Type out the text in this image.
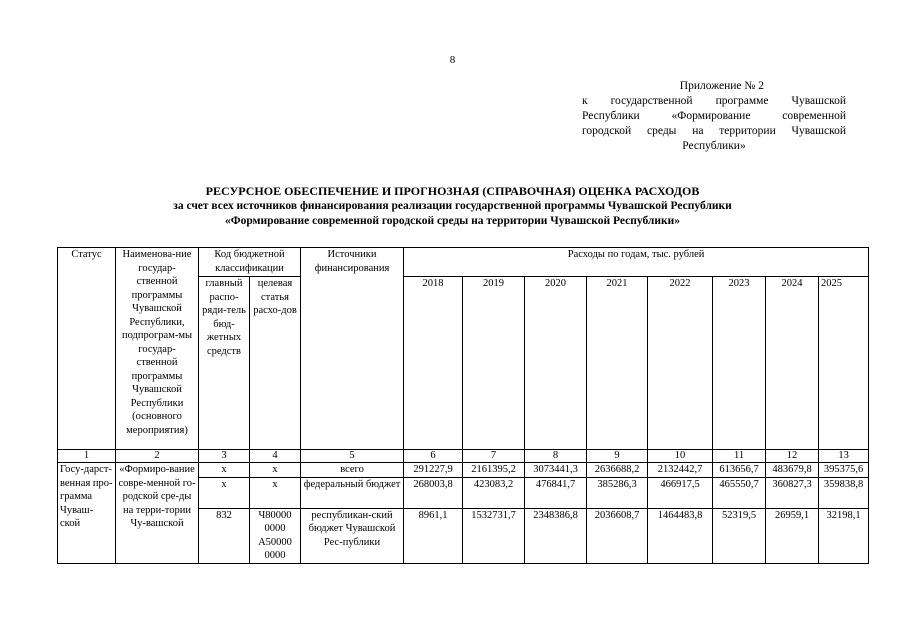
8
Приложение № 2
к государственной программе Чувашской
Республики «Формирование современной
городской среды на территории Чувашской
Республики»
РЕСУРСНОЕ ОБЕСПЕЧЕНИЕ И ПРОГНОЗНАЯ (СПРАВОЧНАЯ) ОЦЕНКА РАСХОДОВ
за счет всех источников финансирования реализации государственной программы Чувашской Республики
«Формирование современной городской среды на территории Чувашской Республики»
Статус	Наименова-ние государ-ственной программы Чувашской Республики, подпрограм-мы государ-ственной программы Чувашской Республики (основного мероприятия)	Код бюджетной классификации		Источники финансирования	Расходы по годам, тыс. рублей							
		главный распо-ряди-тель бюд-жетных средств	целевая статья расхо-дов		2018	2019	2020	2021	2022	2023	2024	2025
1	2	3	4	5	6	7	8	9	10	11	12	13
Госу-дарст-венная про-грамма Чуваш-ской	«Формиро-вание совре-менной го-родской сре-ды на терри-тории Чу-вашской	x	x	всего	291227,9	2161395,2	3073441,3	2636688,2	2132442,7	613656,7	483679,8	395375,6
		x	x	федеральный бюджет	268003,8	423083,2	476841,7	385286,3	466917,5	465550,7	360827,3	359838,8
		832	Ч80000 0000 А50000 0000	республикан-ский бюджет Чувашской Рес-публики	8961,1	1532731,7	2348386,8	2036608,7	1464483,8	52319,5	26959,1	32198,1
